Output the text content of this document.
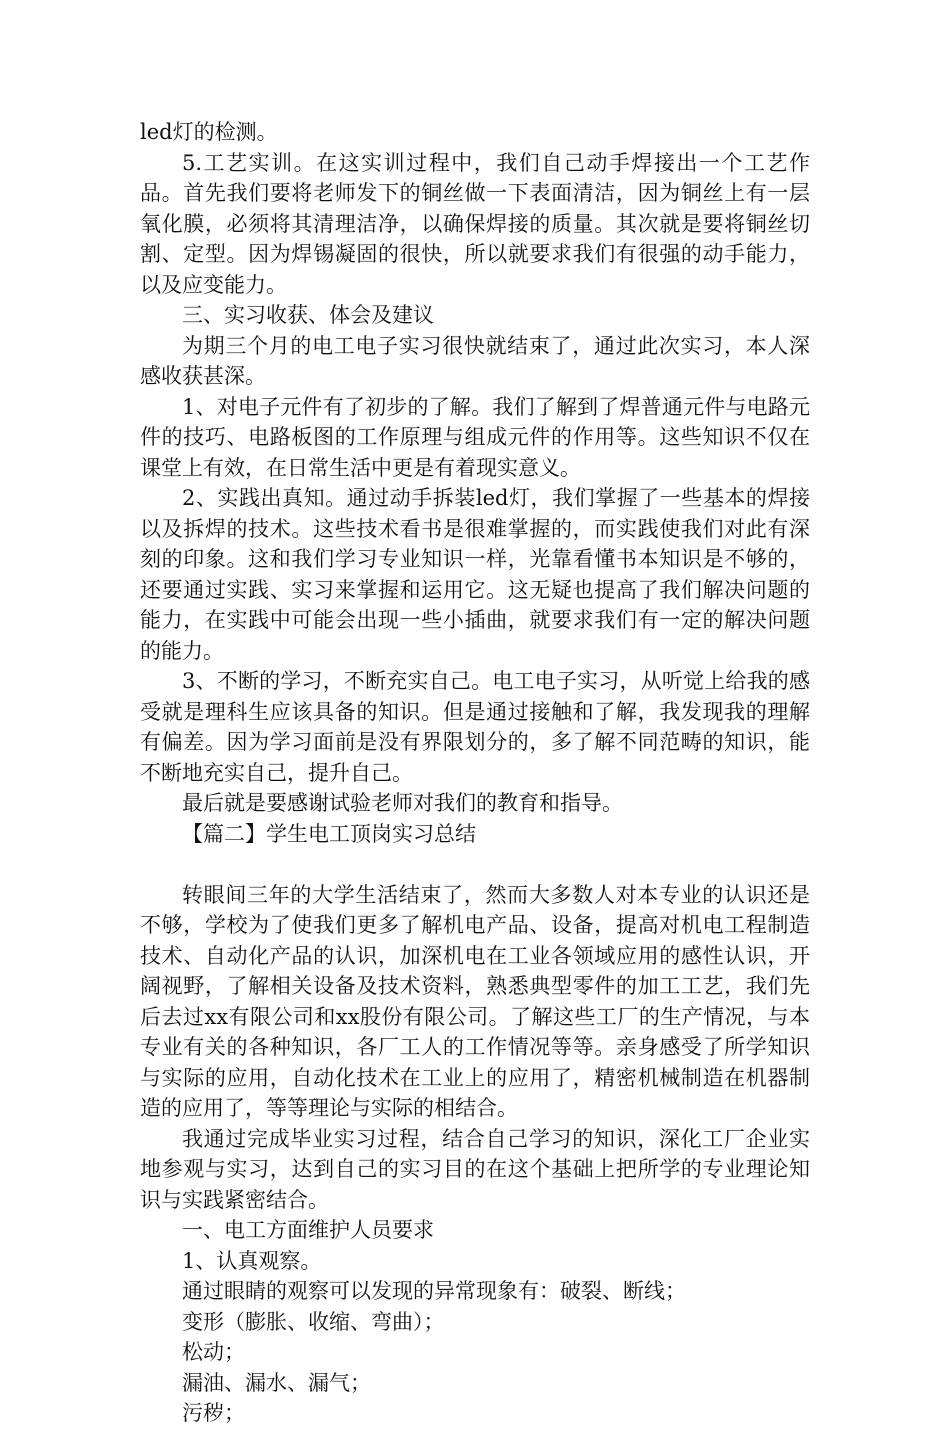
led灯的检测。

5.工艺实训。在这实训过程中，我们自己动手焊接出一个工艺作品。首先我们要将老师发下的铜丝做一下表面清洁，因为铜丝上有一层氧化膜，必须将其清理洁净，以确保焊接的质量。其次就是要将铜丝切割、定型。因为焊锡凝固的很快，所以就要求我们有很强的动手能力，以及应变能力。

三、实习收获、体会及建议

为期三个月的电工电子实习很快就结束了，通过此次实习，本人深感收获甚深。

1、对电子元件有了初步的了解。我们了解到了焊普通元件与电路元件的技巧、电路板图的工作原理与组成元件的作用等。这些知识不仅在课堂上有效，在日常生活中更是有着现实意义。

2、实践出真知。通过动手拆装led灯，我们掌握了一些基本的焊接以及拆焊的技术。这些技术看书是很难掌握的，而实践使我们对此有深刻的印象。这和我们学习专业知识一样，光靠看懂书本知识是不够的，还要通过实践、实习来掌握和运用它。这无疑也提高了我们解决问题的能力，在实践中可能会出现一些小插曲，就要求我们有一定的解决问题的能力。

3、不断的学习，不断充实自己。电工电子实习，从听觉上给我的感受就是理科生应该具备的知识。但是通过接触和了解，我发现我的理解有偏差。因为学习面前是没有界限划分的，多了解不同范畴的知识，能不断地充实自己，提升自己。

最后就是要感谢试验老师对我们的教育和指导。

【篇二】学生电工顶岗实习总结

转眼间三年的大学生活结束了，然而大多数人对本专业的认识还是不够，学校为了使我们更多了解机电产品、设备，提高对机电工程制造技术、自动化产品的认识，加深机电在工业各领域应用的感性认识，开阔视野，了解相关设备及技术资料，熟悉典型零件的加工工艺，我们先后去过xx有限公司和xx股份有限公司。了解这些工厂的生产情况，与本专业有关的各种知识，各厂工人的工作情况等等。亲身感受了所学知识与实际的应用，自动化技术在工业上的应用了，精密机械制造在机器制造的应用了，等等理论与实际的相结合。

我通过完成毕业实习过程，结合自己学习的知识，深化工厂企业实地参观与实习，达到自己的实习目的在这个基础上把所学的专业理论知识与实践紧密结合。

一、电工方面维护人员要求

1、认真观察。

通过眼睛的观察可以发现的异常现象有：破裂、断线；

变形（膨胀、收缩、弯曲）；

松动；

漏油、漏水、漏气；

污秽；
